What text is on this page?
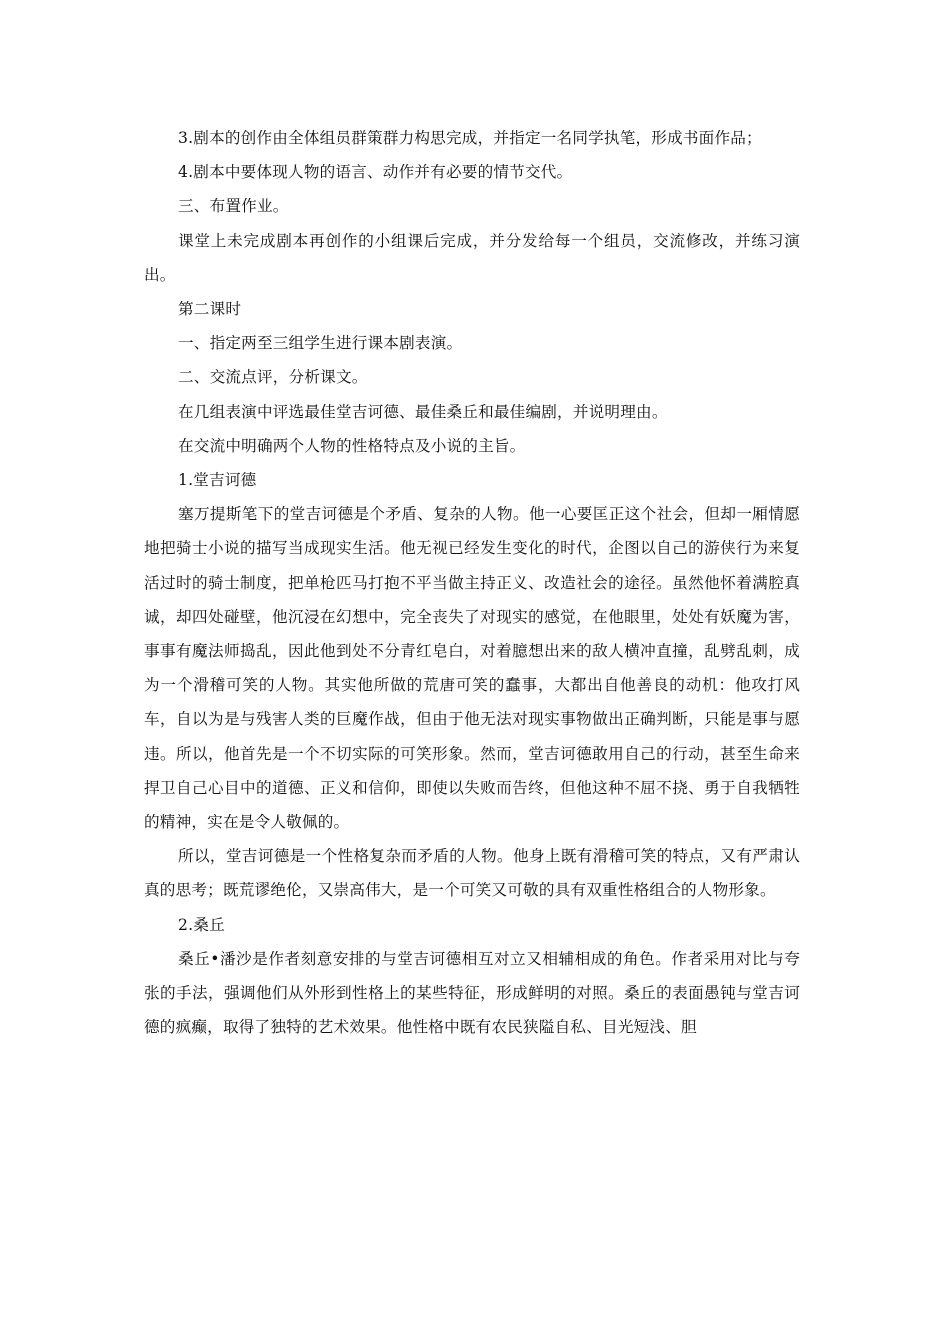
3.剧本的创作由全体组员群策群力构思完成，并指定一名同学执笔，形成书面作品；

4.剧本中要体现人物的语言、动作并有必要的情节交代。

三、布置作业。

课堂上未完成剧本再创作的小组课后完成，并分发给每一个组员，交流修改，并练习演出。

第二课时

一、指定两至三组学生进行课本剧表演。

二、交流点评，分析课文。

在几组表演中评选最佳堂吉诃德、最佳桑丘和最佳编剧，并说明理由。

在交流中明确两个人物的性格特点及小说的主旨。

1.堂吉诃德

塞万提斯笔下的堂吉诃德是个矛盾、复杂的人物。他一心要匡正这个社会，但却一厢情愿地把骑士小说的描写当成现实生活。他无视已经发生变化的时代，企图以自己的游侠行为来复活过时的骑士制度，把单枪匹马打抱不平当做主持正义、改造社会的途径。虽然他怀着满腔真诚，却四处碰壁，他沉浸在幻想中，完全丧失了对现实的感觉，在他眼里，处处有妖魔为害，事事有魔法师捣乱，因此他到处不分青红皂白，对着臆想出来的敌人横冲直撞，乱劈乱刺，成为一个滑稽可笑的人物。其实他所做的荒唐可笑的蠢事，大都出自他善良的动机：他攻打风车，自以为是与残害人类的巨魔作战，但由于他无法对现实事物做出正确判断，只能是事与愿违。所以，他首先是一个不切实际的可笑形象。然而，堂吉诃德敢用自己的行动，甚至生命来捍卫自己心目中的道德、正义和信仰，即使以失败而告终，但他这种不屈不挠、勇于自我牺牲的精神，实在是令人敬佩的。

所以，堂吉诃德是一个性格复杂而矛盾的人物。他身上既有滑稽可笑的特点，又有严肃认真的思考；既荒谬绝伦，又崇高伟大，是一个可笑又可敬的具有双重性格组合的人物形象。

2.桑丘

桑丘•潘沙是作者刻意安排的与堂吉诃德相互对立又相辅相成的角色。作者采用对比与夸张的手法，强调他们从外形到性格上的某些特征，形成鲜明的对照。桑丘的表面愚钝与堂吉诃德的疯癫，取得了独特的艺术效果。他性格中既有农民狭隘自私、目光短浅、胆
